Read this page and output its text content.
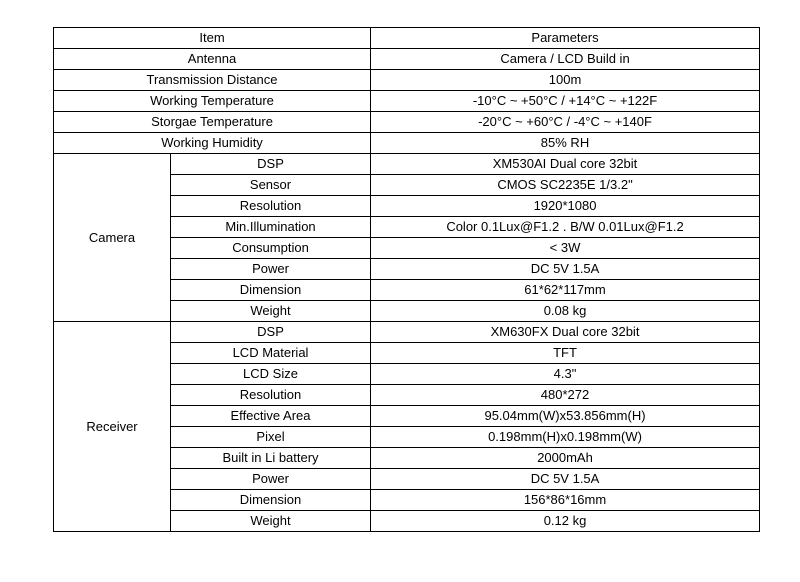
Item		Parameters
Antenna		Camera / LCD Build in
Transmission Distance		100m
Working Temperature		-10°C ~ +50°C / +14°C ~ +122F
Storgae Temperature		-20°C ~ +60°C / -4°C ~ +140F
Working Humidity		85% RH
Camera	DSP	XM530AI Dual core 32bit
	Sensor	CMOS SC2235E 1/3.2"
	Resolution	1920*1080
	Min.Illumination	Color 0.1Lux@F1.2 . B/W 0.01Lux@F1.2
	Consumption	< 3W
	Power	DC 5V 1.5A
	Dimension	61*62*117mm
	Weight	0.08 kg
Receiver	DSP	XM630FX Dual core 32bit
	LCD Material	TFT
	LCD Size	4.3"
	Resolution	480*272
	Effective Area	95.04mm(W)x53.856mm(H)
	Pixel	0.198mm(H)x0.198mm(W)
	Built in Li battery	2000mAh
	Power	DC 5V 1.5A
	Dimension	156*86*16mm
	Weight	0.12 kg
